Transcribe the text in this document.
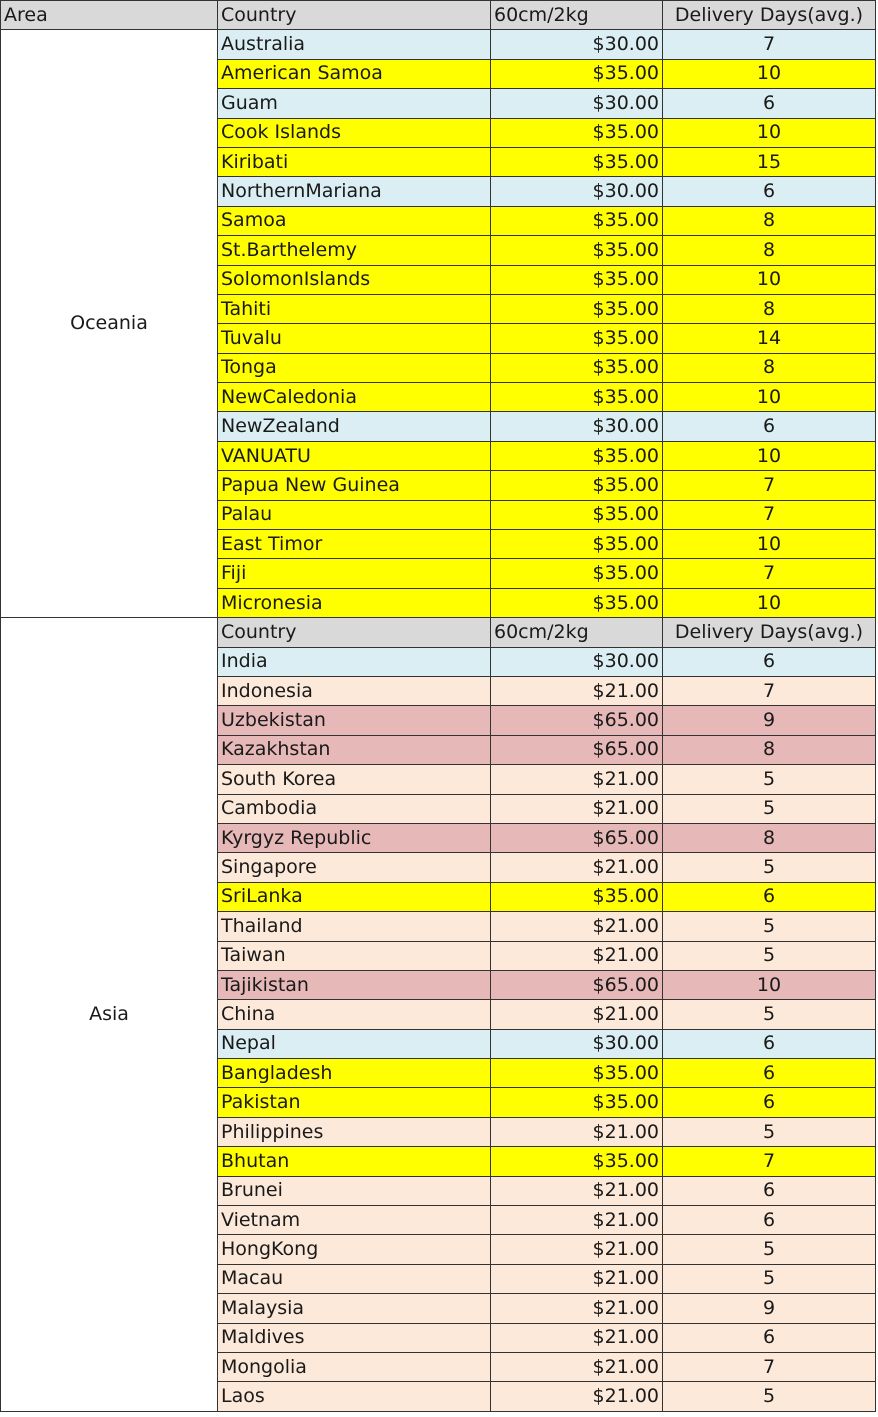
Area	Country	60cm/2kg	Delivery Days(avg.)
Oceania	Australia	$30.00	7
	American Samoa	$35.00	10
	Guam	$30.00	6
	Cook Islands	$35.00	10
	Kiribati	$35.00	15
	NorthernMariana	$30.00	6
	Samoa	$35.00	8
	St.Barthelemy	$35.00	8
	SolomonIslands	$35.00	10
	Tahiti	$35.00	8
	Tuvalu	$35.00	14
	Tonga	$35.00	8
	NewCaledonia	$35.00	10
	NewZealand	$30.00	6
	VANUATU	$35.00	10
	Papua New Guinea	$35.00	7
	Palau	$35.00	7
	East Timor	$35.00	10
	Fiji	$35.00	7
	Micronesia	$35.00	10
Asia	Country	60cm/2kg	Delivery Days(avg.)
	India	$30.00	6
	Indonesia	$21.00	7
	Uzbekistan	$65.00	9
	Kazakhstan	$65.00	8
	South Korea	$21.00	5
	Cambodia	$21.00	5
	Kyrgyz Republic	$65.00	8
	Singapore	$21.00	5
	SriLanka	$35.00	6
	Thailand	$21.00	5
	Taiwan	$21.00	5
	Tajikistan	$65.00	10
	China	$21.00	5
	Nepal	$30.00	6
	Bangladesh	$35.00	6
	Pakistan	$35.00	6
	Philippines	$21.00	5
	Bhutan	$35.00	7
	Brunei	$21.00	6
	Vietnam	$21.00	6
	HongKong	$21.00	5
	Macau	$21.00	5
	Malaysia	$21.00	9
	Maldives	$21.00	6
	Mongolia	$21.00	7
	Laos	$21.00	5
